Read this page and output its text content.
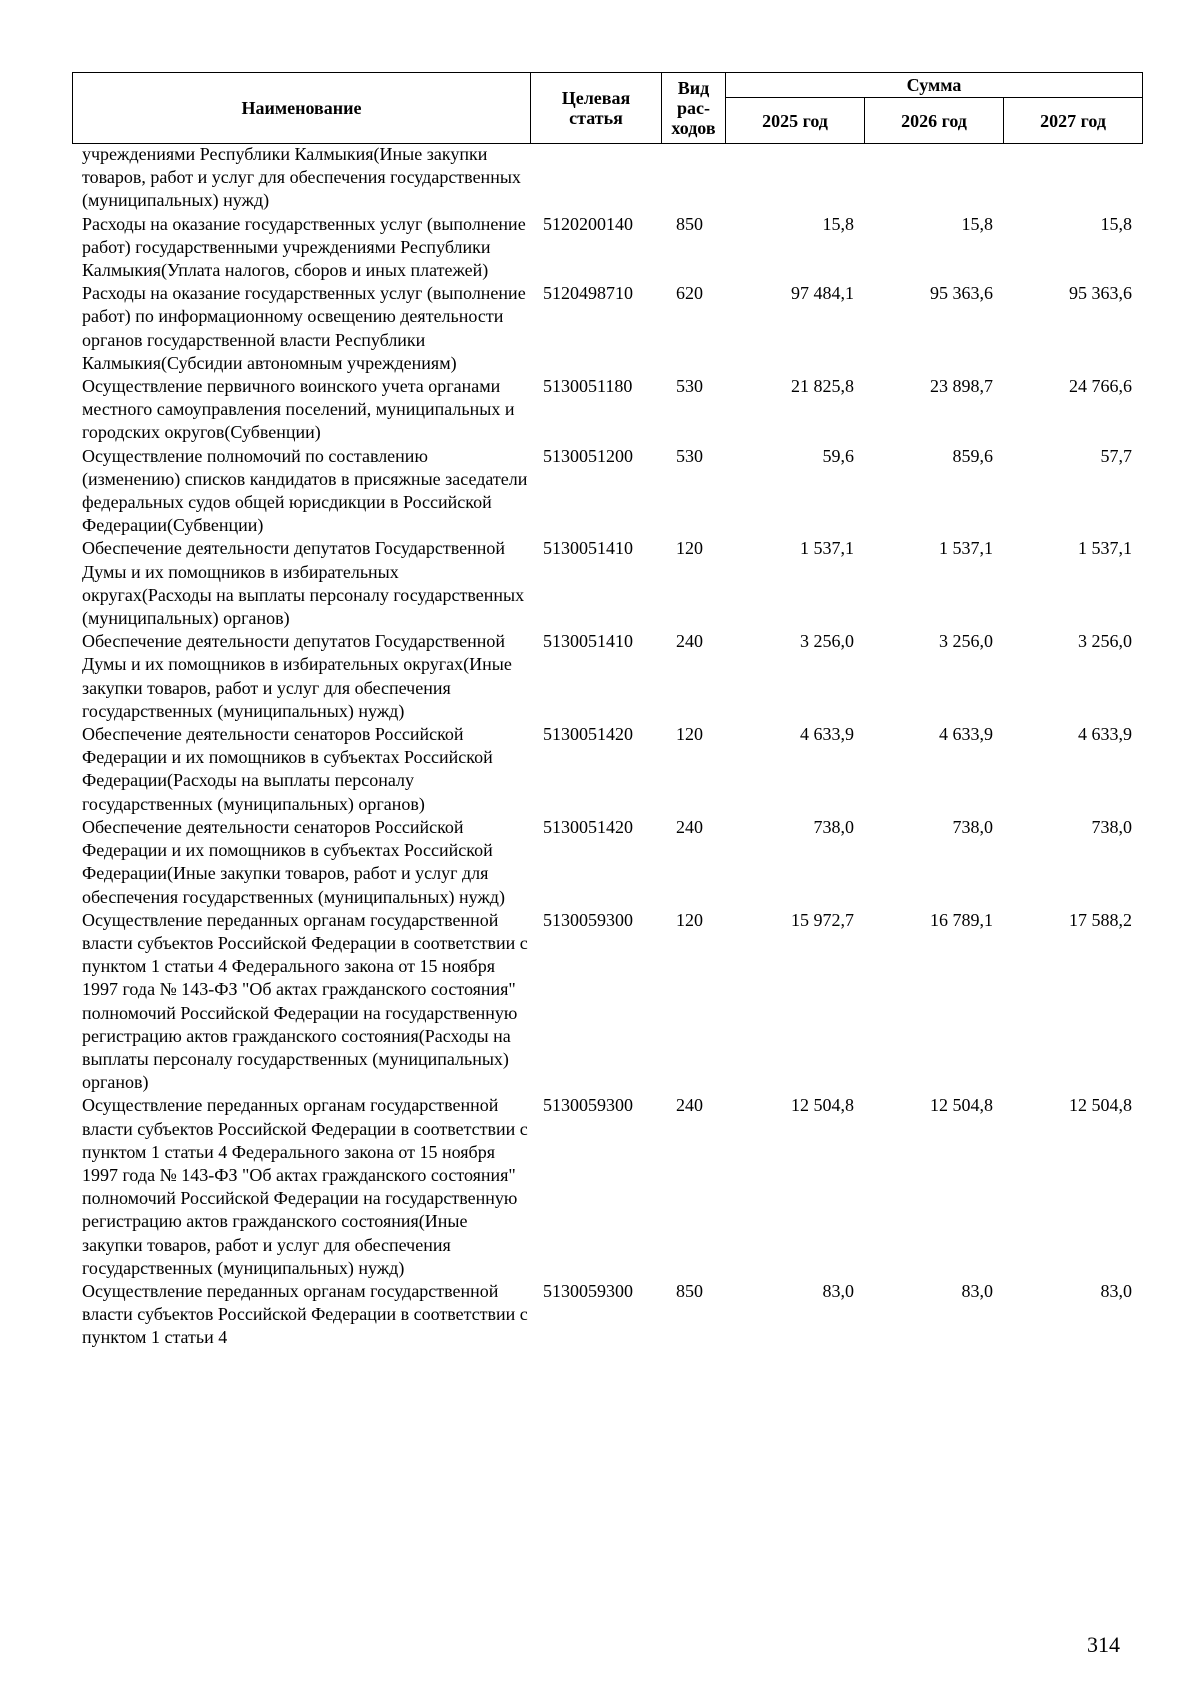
Наименование	Целевая статья	Вид рас-ходов	Сумма		
			2025 год	2026 год	2027 год
учреждениями Республики Калмыкия(Иные закупки товаров, работ и услуг для обеспечения государственных (муниципальных) нужд)					
Расходы на оказание государственных услуг (выполнение работ) государственными учреждениями Республики Калмыкия(Уплата налогов, сборов и иных платежей)	5120200140	850	15,8	15,8	15,8
Расходы на оказание государственных услуг (выполнение работ) по информационному освещению деятельности органов государственной власти Республики Калмыкия(Субсидии автономным учреждениям)	5120498710	620	97 484,1	95 363,6	95 363,6
Осуществление первичного воинского учета органами местного самоуправления поселений, муниципальных и городских округов(Субвенции)	5130051180	530	21 825,8	23 898,7	24 766,6
Осуществление полномочий по составлению (изменению) списков кандидатов в присяжные заседатели федеральных судов общей юрисдикции в Российской Федерации(Субвенции)	5130051200	530	59,6	859,6	57,7
Обеспечение деятельности депутатов Государственной Думы и их помощников в избирательных округах(Расходы на выплаты персоналу государственных (муниципальных) органов)	5130051410	120	1 537,1	1 537,1	1 537,1
Обеспечение деятельности депутатов Государственной Думы и их помощников в избирательных округах(Иные закупки товаров, работ и услуг для обеспечения государственных (муниципальных) нужд)	5130051410	240	3 256,0	3 256,0	3 256,0
Обеспечение деятельности сенаторов Российской Федерации и их помощников в субъектах Российской Федерации(Расходы на выплаты персоналу государственных (муниципальных) органов)	5130051420	120	4 633,9	4 633,9	4 633,9
Обеспечение деятельности сенаторов Российской Федерации и их помощников в субъектах Российской Федерации(Иные закупки товаров, работ и услуг для обеспечения государственных (муниципальных) нужд)	5130051420	240	738,0	738,0	738,0
Осуществление переданных органам государственной власти субъектов Российской Федерации в соответствии с пунктом 1 статьи 4 Федерального закона от 15 ноября 1997 года № 143-ФЗ "Об актах гражданского состояния" полномочий Российской Федерации на государственную регистрацию актов гражданского состояния(Расходы на выплаты персоналу государственных (муниципальных) органов)	5130059300	120	15 972,7	16 789,1	17 588,2
Осуществление переданных органам государственной власти субъектов Российской Федерации в соответствии с пунктом 1 статьи 4 Федерального закона от 15 ноября 1997 года № 143-ФЗ "Об актах гражданского состояния" полномочий Российской Федерации на государственную регистрацию актов гражданского состояния(Иные закупки товаров, работ и услуг для обеспечения государственных (муниципальных) нужд)	5130059300	240	12 504,8	12 504,8	12 504,8
Осуществление переданных органам государственной власти субъектов Российской Федерации в соответствии с пунктом 1 статьи 4	5130059300	850	83,0	83,0	83,0
314
